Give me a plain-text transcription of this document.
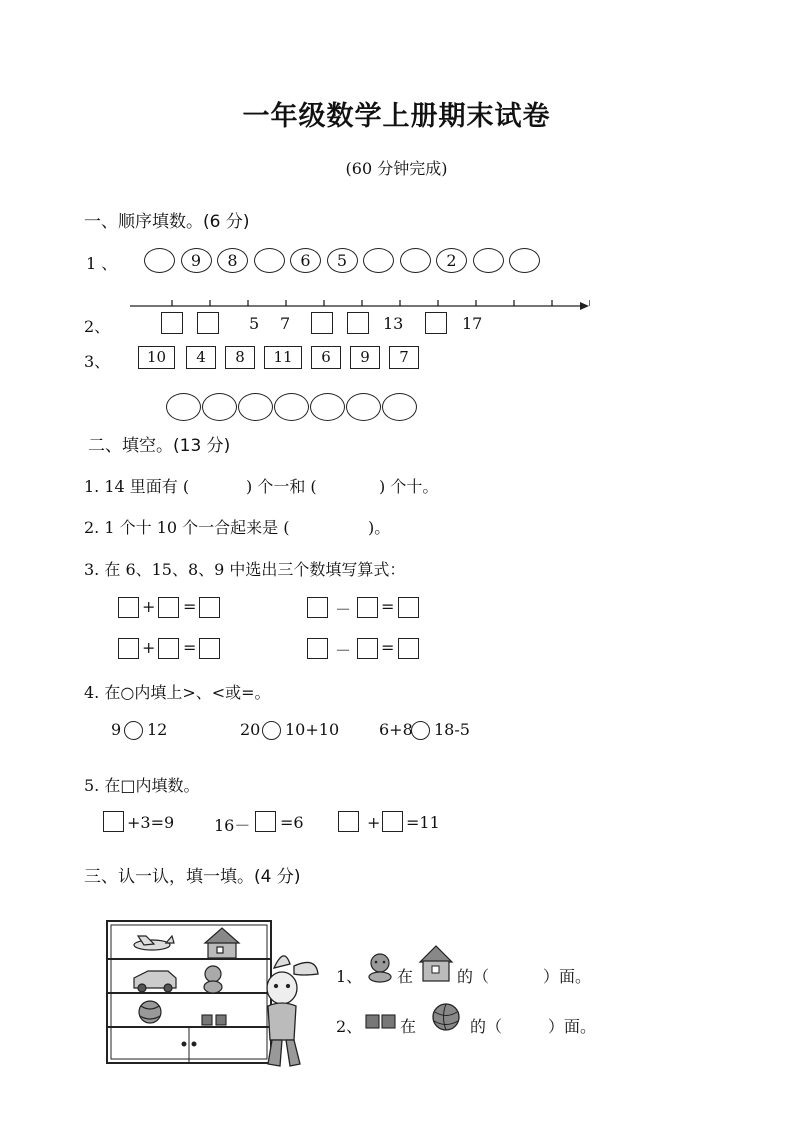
一年级数学上册期末试卷
(60 分钟完成)
一、顺序填数。(6 分)
1 、	9	8	6	5	2
2、	5 7	13	17
3、	10	4	8	11	6	9	7
二、填空。(13 分)
1. 14 里面有 (	) 个一和 (	) 个十。
2. 1 个十 10 个一合起来是 (	)。
3. 在 6、15、8、9 中选出三个数填写算式：
+ =	－ =
+ =	－ =
4. 在○内填上>、<或=。
9 12	20 10+10 6+8 18-5
5. 在□内填数。
+3=9 16－ =6	+ =11
三、认一认，填一填。(4 分)
1、 在	的（	）面。
2、 在	的（	）面。
